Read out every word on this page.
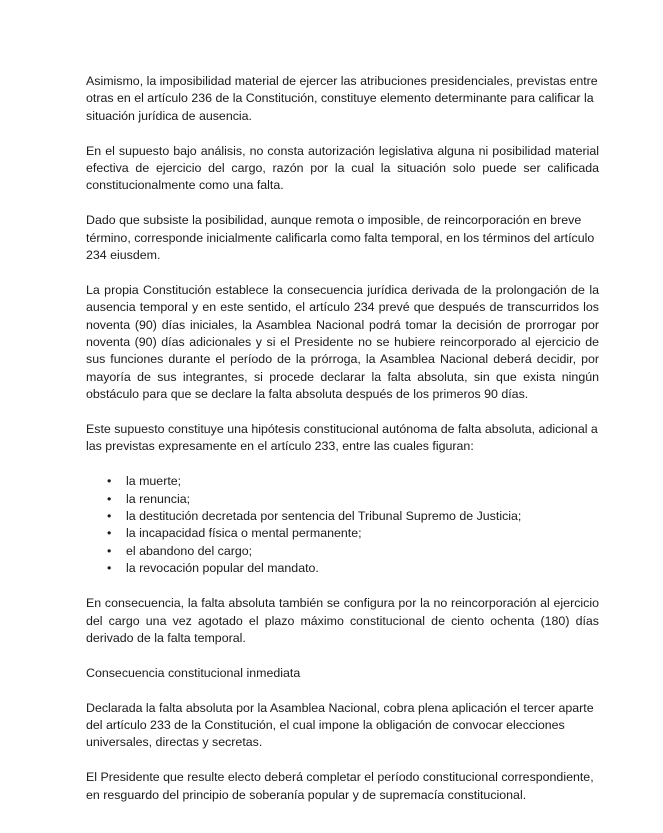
Asimismo, la imposibilidad material de ejercer las atribuciones presidenciales, previstas entre otras en el artículo 236 de la Constitución, constituye elemento determinante para calificar la situación jurídica de ausencia.

En el supuesto bajo análisis, no consta autorización legislativa alguna ni posibilidad material efectiva de ejercicio del cargo, razón por la cual la situación solo puede ser calificada constitucionalmente como una falta.

Dado que subsiste la posibilidad, aunque remota o imposible, de reincorporación en breve término, corresponde inicialmente calificarla como falta temporal, en los términos del artículo 234 eiusdem.

La propia Constitución establece la consecuencia jurídica derivada de la prolongación de la ausencia temporal y en este sentido, el artículo 234 prevé que después de transcurridos los noventa (90) días iniciales, la Asamblea Nacional podrá tomar la decisión de prorrogar por noventa (90) días adicionales y si el Presidente no se hubiere reincorporado al ejercicio de sus funciones durante el período de la prórroga, la Asamblea Nacional deberá decidir, por mayoría de sus integrantes, si procede declarar la falta absoluta, sin que exista ningún obstáculo para que se declare la falta absoluta después de los primeros 90 días.

Este supuesto constituye una hipótesis constitucional autónoma de falta absoluta, adicional a las previstas expresamente en el artículo 233, entre las cuales figuran:

• la muerte;
• la renuncia;
• la destitución decretada por sentencia del Tribunal Supremo de Justicia;
• la incapacidad física o mental permanente;
• el abandono del cargo;
• la revocación popular del mandato.

En consecuencia, la falta absoluta también se configura por la no reincorporación al ejercicio del cargo una vez agotado el plazo máximo constitucional de ciento ochenta (180) días derivado de la falta temporal.

Consecuencia constitucional inmediata

Declarada la falta absoluta por la Asamblea Nacional, cobra plena aplicación el tercer aparte del artículo 233 de la Constitución, el cual impone la obligación de convocar elecciones universales, directas y secretas.

El Presidente que resulte electo deberá completar el período constitucional correspondiente, en resguardo del principio de soberanía popular y de supremacía constitucional.
